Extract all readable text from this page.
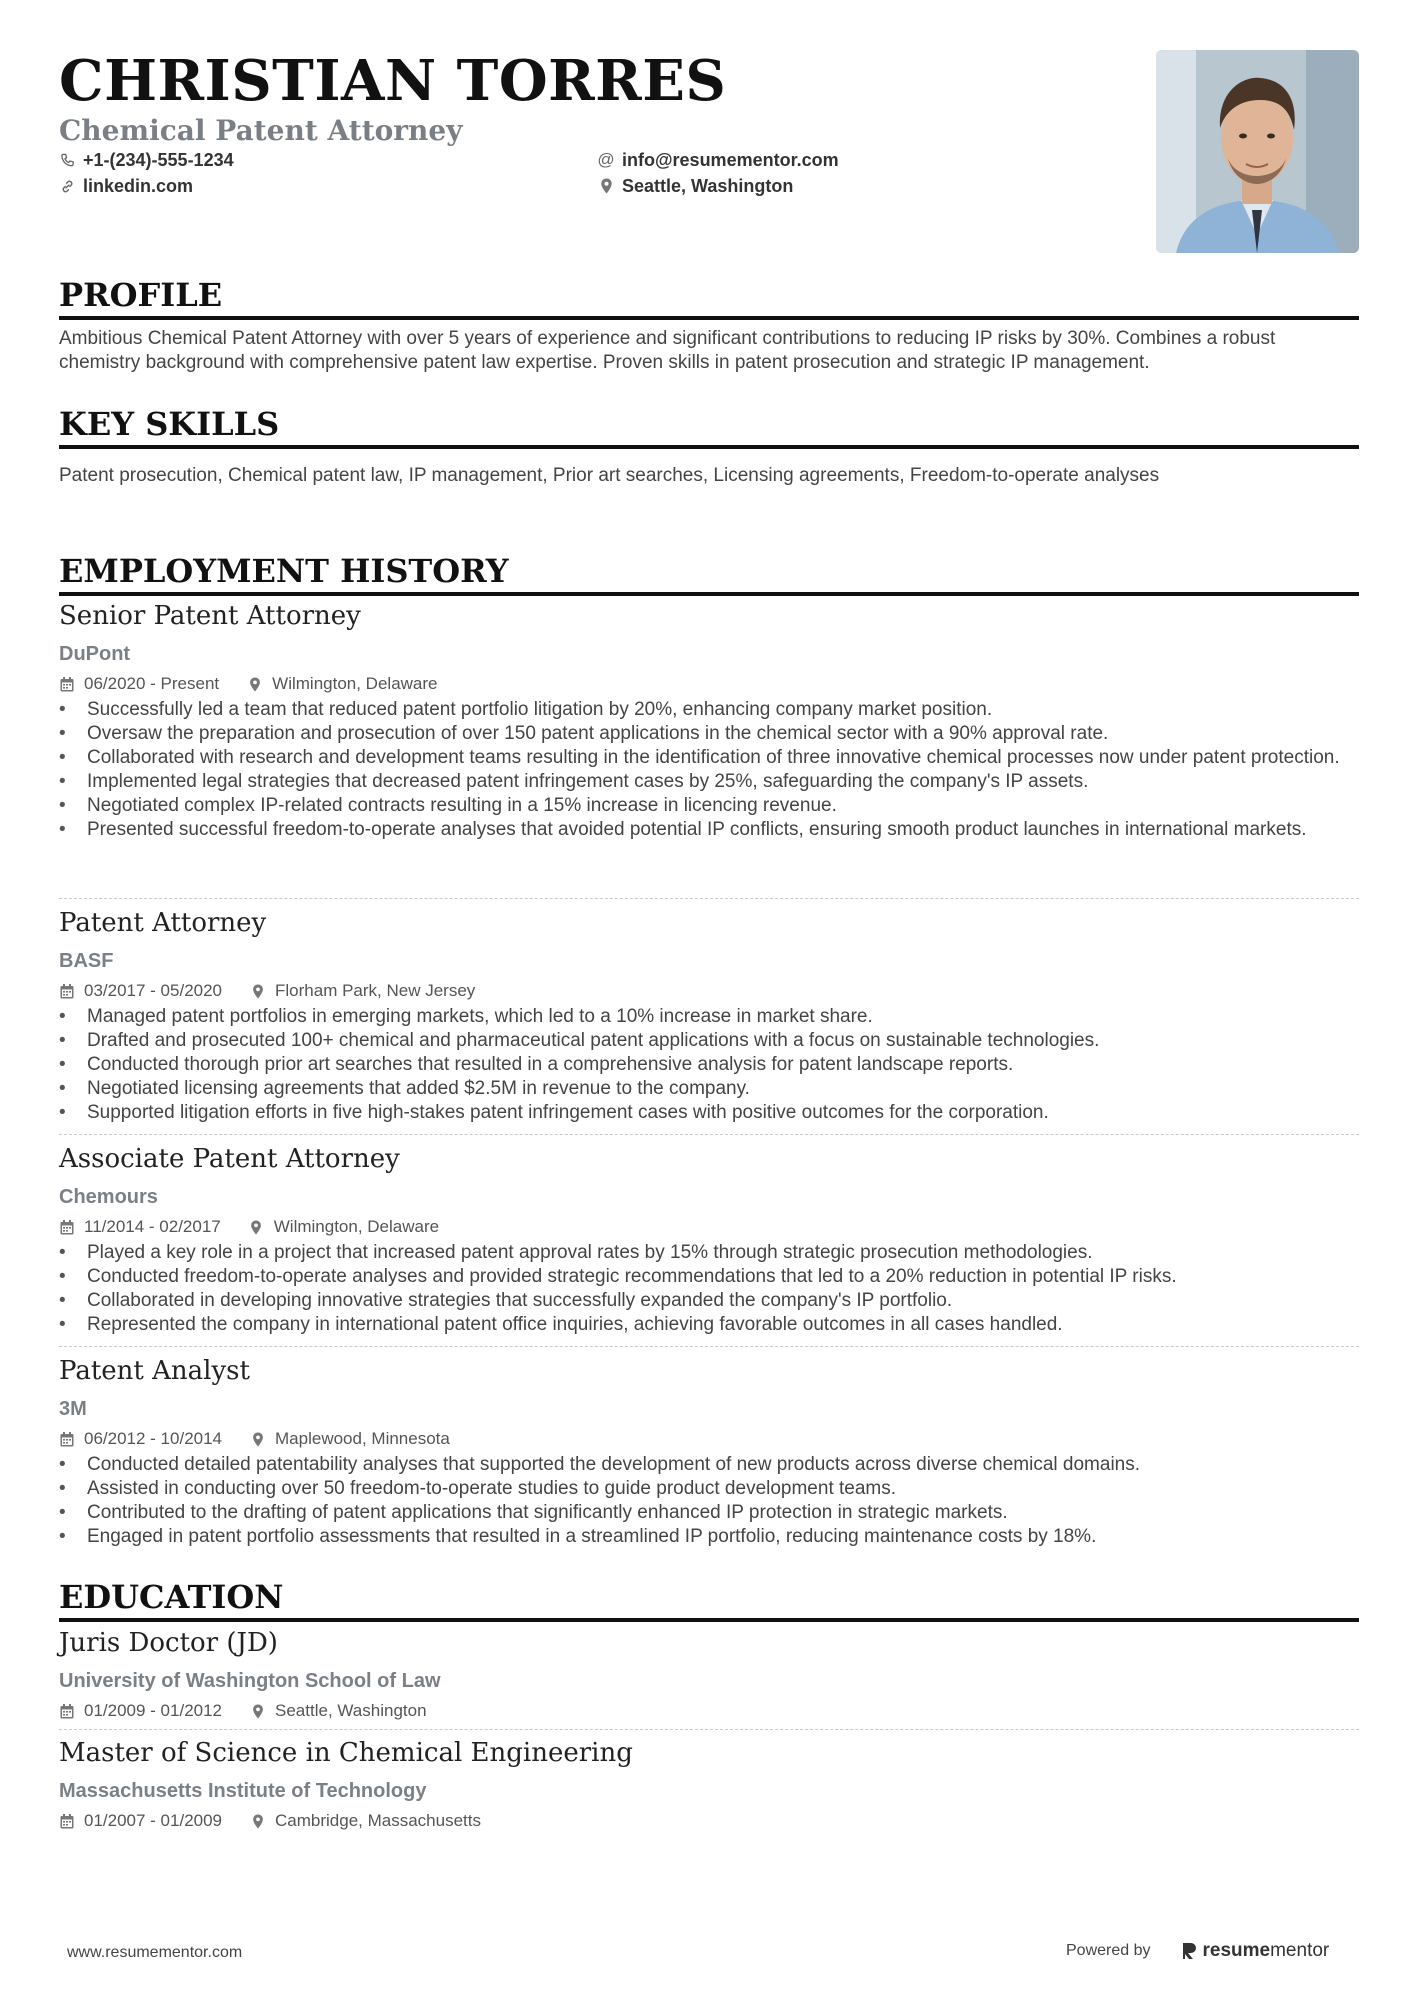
CHRISTIAN TORRES
Chemical Patent Attorney
+1-(234)-555-1234
linkedin.com
@ info@resumementor.com
Seattle, Washington
PROFILE
Ambitious Chemical Patent Attorney with over 5 years of experience and significant contributions to reducing IP risks by 30%. Combines a robust chemistry background with comprehensive patent law expertise. Proven skills in patent prosecution and strategic IP management.
KEY SKILLS
Patent prosecution, Chemical patent law, IP management, Prior art searches, Licensing agreements, Freedom-to-operate analyses
EMPLOYMENT HISTORY
Senior Patent Attorney
DuPont
06/2020 - Present	Wilmington, Delaware
• Successfully led a team that reduced patent portfolio litigation by 20%, enhancing company market position.
• Oversaw the preparation and prosecution of over 150 patent applications in the chemical sector with a 90% approval rate.
• Collaborated with research and development teams resulting in the identification of three innovative chemical processes now under patent protection.
• Implemented legal strategies that decreased patent infringement cases by 25%, safeguarding the company's IP assets.
• Negotiated complex IP-related contracts resulting in a 15% increase in licencing revenue.
• Presented successful freedom-to-operate analyses that avoided potential IP conflicts, ensuring smooth product launches in international markets.
Patent Attorney
BASF
03/2017 - 05/2020	Florham Park, New Jersey
• Managed patent portfolios in emerging markets, which led to a 10% increase in market share.
• Drafted and prosecuted 100+ chemical and pharmaceutical patent applications with a focus on sustainable technologies.
• Conducted thorough prior art searches that resulted in a comprehensive analysis for patent landscape reports.
• Negotiated licensing agreements that added $2.5M in revenue to the company.
• Supported litigation efforts in five high-stakes patent infringement cases with positive outcomes for the corporation.
Associate Patent Attorney
Chemours
11/2014 - 02/2017	Wilmington, Delaware
• Played a key role in a project that increased patent approval rates by 15% through strategic prosecution methodologies.
• Conducted freedom-to-operate analyses and provided strategic recommendations that led to a 20% reduction in potential IP risks.
• Collaborated in developing innovative strategies that successfully expanded the company's IP portfolio.
• Represented the company in international patent office inquiries, achieving favorable outcomes in all cases handled.
Patent Analyst
3M
06/2012 - 10/2014	Maplewood, Minnesota
• Conducted detailed patentability analyses that supported the development of new products across diverse chemical domains.
• Assisted in conducting over 50 freedom-to-operate studies to guide product development teams.
• Contributed to the drafting of patent applications that significantly enhanced IP protection in strategic markets.
• Engaged in patent portfolio assessments that resulted in a streamlined IP portfolio, reducing maintenance costs by 18%.
EDUCATION
Juris Doctor (JD)
University of Washington School of Law
01/2009 - 01/2012	Seattle, Washington
Master of Science in Chemical Engineering
Massachusetts Institute of Technology
01/2007 - 01/2009	Cambridge, Massachusetts
www.resumementor.com	Powered by	resume mentor
